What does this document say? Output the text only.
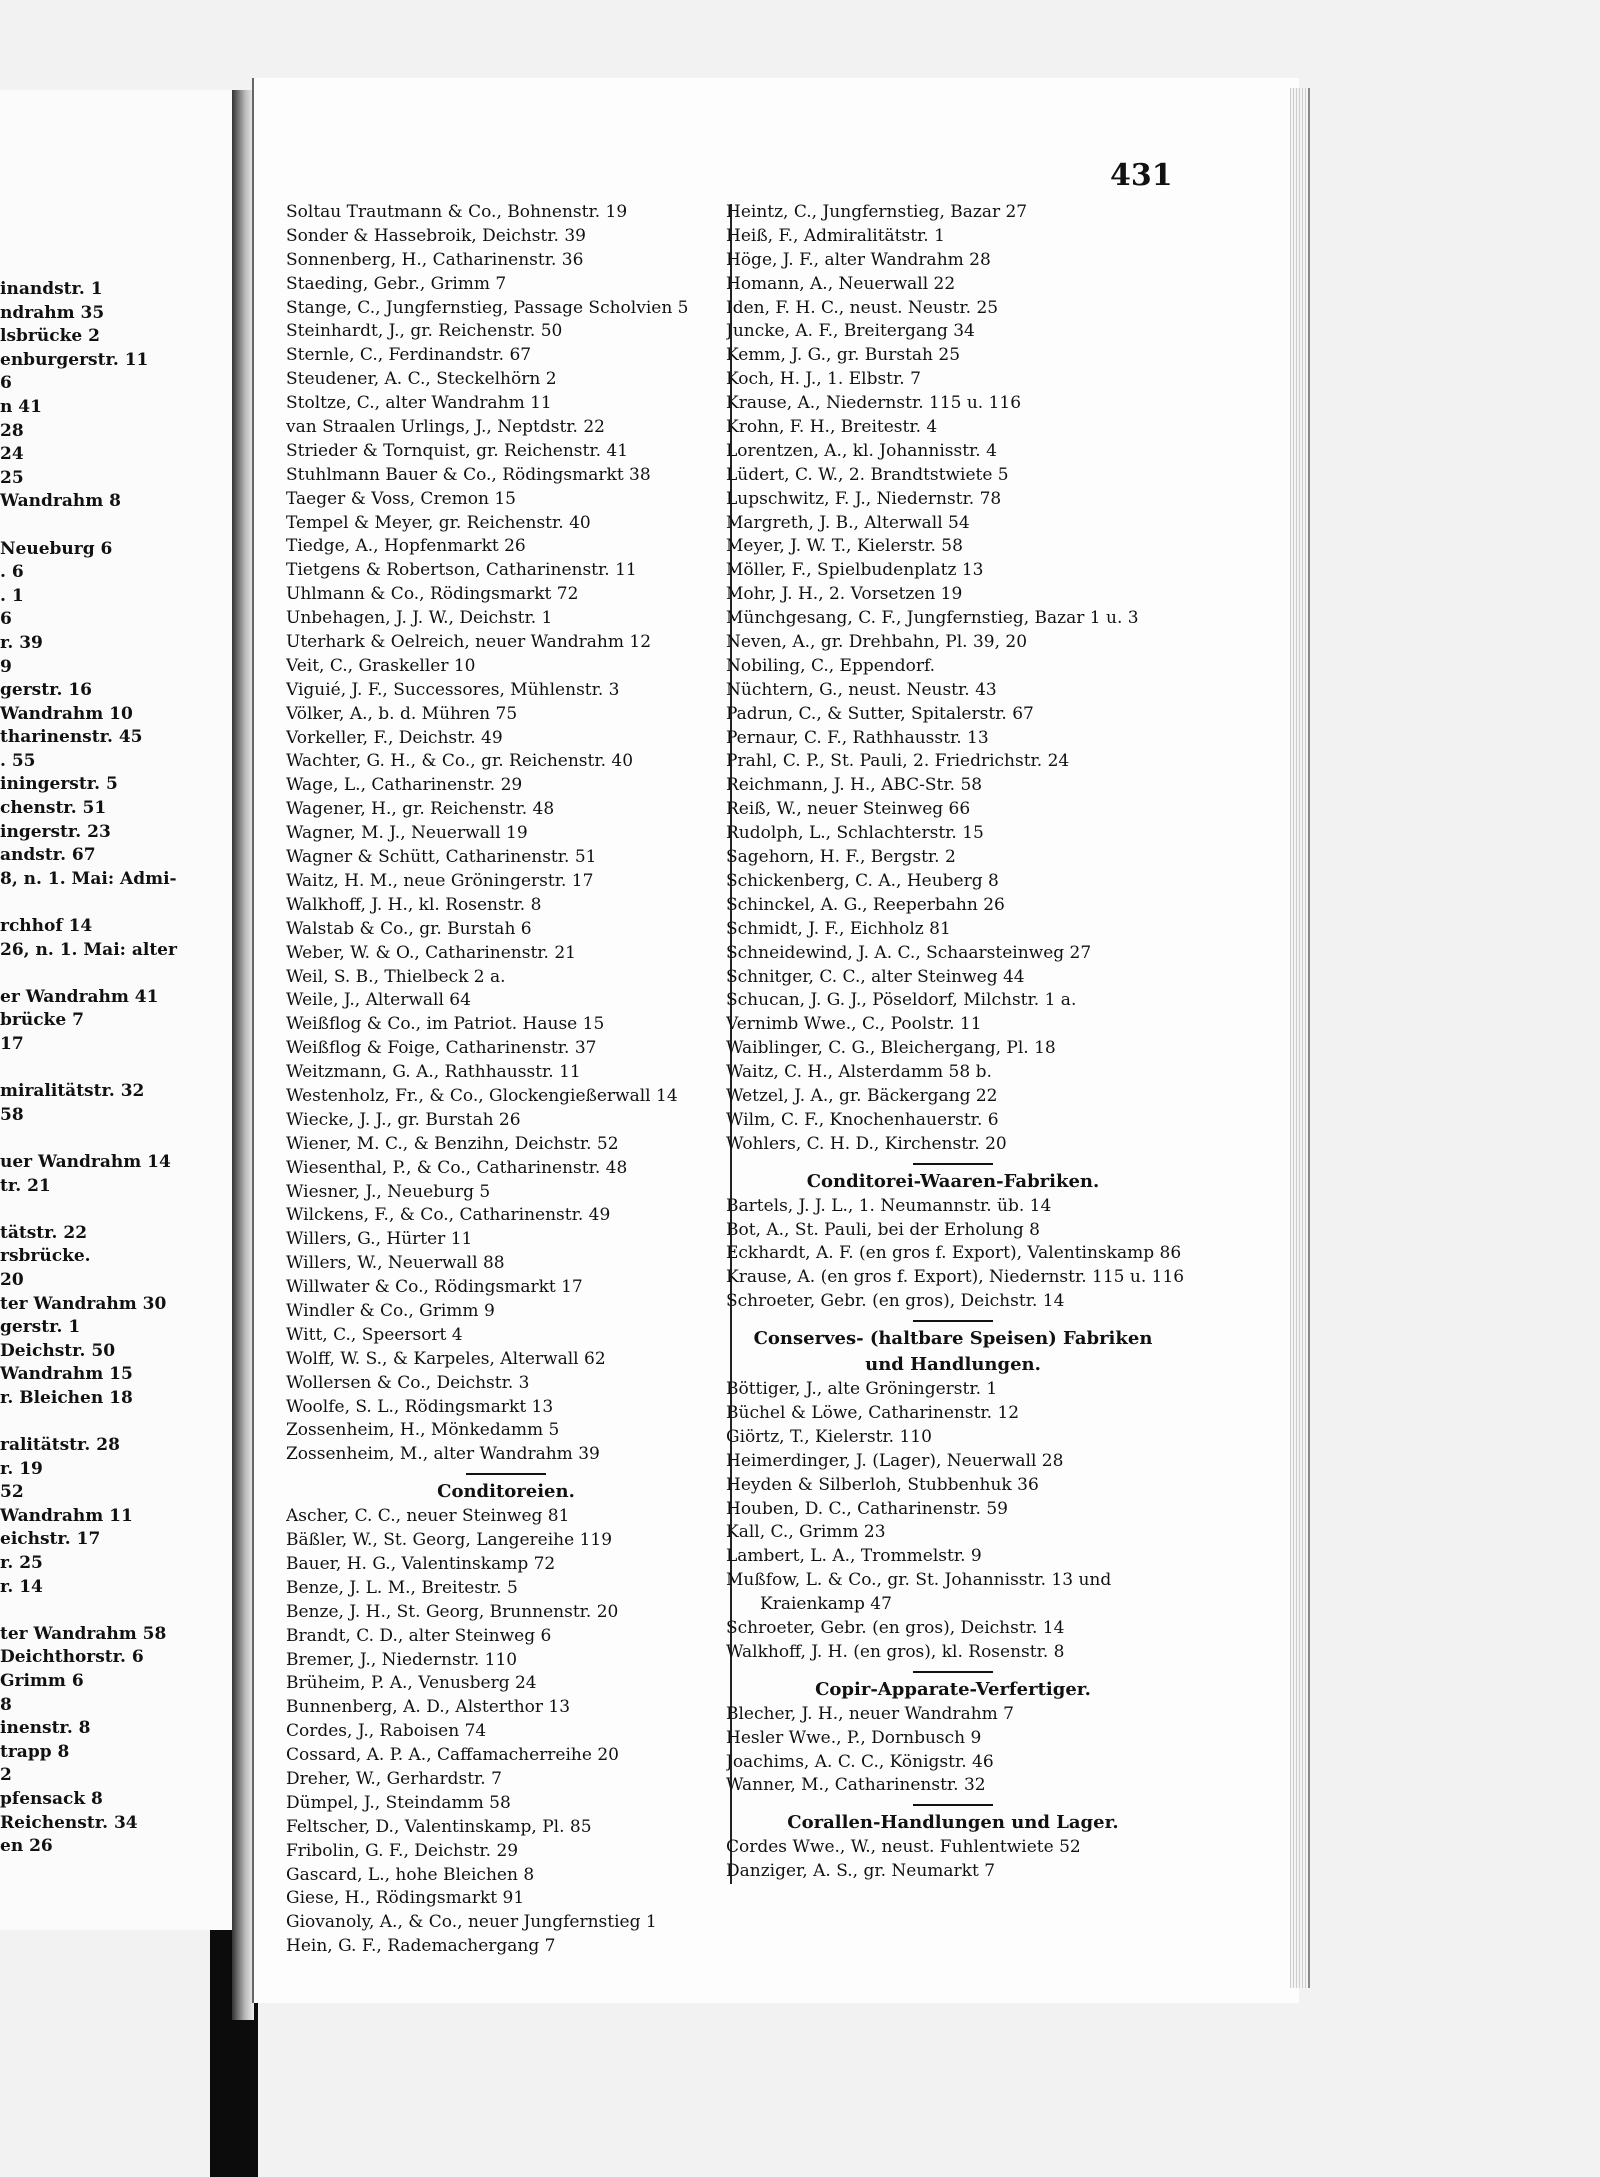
inandstr. 1
ndrahm 35
lsbrücke 2
enburgerstr. 11
6
n 41
28
24
25
Wandrahm 8
Neueburg 6
. 6
. 1
6
r. 39
9
gerstr. 16
Wandrahm 10
tharinenstr. 45
. 55
iningerstr. 5
chenstr. 51
ingerstr. 23
andstr. 67
8, n. 1. Mai: Admi-
rchhof 14
26, n. 1. Mai: alter
er Wandrahm 41
brücke 7
17
miralitätstr. 32
58
uer Wandrahm 14
tr. 21
tätstr. 22
rsbrücke.
20
ter Wandrahm 30
gerstr. 1
Deichstr. 50
Wandrahm 15
r. Bleichen 18
ralitätstr. 28
r. 19
52
Wandrahm 11
eichstr. 17
r. 25
r. 14
ter Wandrahm 58
Deichthorstr. 6
Grimm 6
8
inenstr. 8
trapp 8
2
pfensack 8
Reichenstr. 34
en 26
431
Soltau Trautmann & Co., Bohnenstr. 19
Sonder & Hassebroik, Deichstr. 39
Sonnenberg, H., Catharinenstr. 36
Staeding, Gebr., Grimm 7
Stange, C., Jungfernstieg, Passage Scholvien 5
Steinhardt, J., gr. Reichenstr. 50
Sternle, C., Ferdinandstr. 67
Steudener, A. C., Steckelhörn 2
Stoltze, C., alter Wandrahm 11
van Straalen Urlings, J., Neptdstr. 22
Strieder & Tornquist, gr. Reichenstr. 41
Stuhlmann Bauer & Co., Rödingsmarkt 38
Taeger & Voss, Cremon 15
Tempel & Meyer, gr. Reichenstr. 40
Tiedge, A., Hopfenmarkt 26
Tietgens & Robertson, Catharinenstr. 11
Uhlmann & Co., Rödingsmarkt 72
Unbehagen, J. J. W., Deichstr. 1
Uterhark & Oelreich, neuer Wandrahm 12
Veit, C., Graskeller 10
Viguié, J. F., Successores, Mühlenstr. 3
Völker, A., b. d. Mühren 75
Vorkeller, F., Deichstr. 49
Wachter, G. H., & Co., gr. Reichenstr. 40
Wage, L., Catharinenstr. 29
Wagener, H., gr. Reichenstr. 48
Wagner, M. J., Neuerwall 19
Wagner & Schütt, Catharinenstr. 51
Waitz, H. M., neue Gröningerstr. 17
Walkhoff, J. H., kl. Rosenstr. 8
Walstab & Co., gr. Burstah 6
Weber, W. & O., Catharinenstr. 21
Weil, S. B., Thielbeck 2 a.
Weile, J., Alterwall 64
Weißflog & Co., im Patriot. Hause 15
Weißflog & Foige, Catharinenstr. 37
Weitzmann, G. A., Rathhausstr. 11
Westenholz, Fr., & Co., Glockengießerwall 14
Wiecke, J. J., gr. Burstah 26
Wiener, M. C., & Benzihn, Deichstr. 52
Wiesenthal, P., & Co., Catharinenstr. 48
Wiesner, J., Neueburg 5
Wilckens, F., & Co., Catharinenstr. 49
Willers, G., Hürter 11
Willers, W., Neuerwall 88
Willwater & Co., Rödingsmarkt 17
Windler & Co., Grimm 9
Witt, C., Speersort 4
Wolff, W. S., & Karpeles, Alterwall 62
Wollersen & Co., Deichstr. 3
Woolfe, S. L., Rödingsmarkt 13
Zossenheim, H., Mönkedamm 5
Zossenheim, M., alter Wandrahm 39
Conditoreien.
Ascher, C. C., neuer Steinweg 81
Bäßler, W., St. Georg, Langereihe 119
Bauer, H. G., Valentinskamp 72
Benze, J. L. M., Breitestr. 5
Benze, J. H., St. Georg, Brunnenstr. 20
Brandt, C. D., alter Steinweg 6
Bremer, J., Niedernstr. 110
Brüheim, P. A., Venusberg 24
Bunnenberg, A. D., Alsterthor 13
Cordes, J., Raboisen 74
Cossard, A. P. A., Caffamacherreihe 20
Dreher, W., Gerhardstr. 7
Dümpel, J., Steindamm 58
Feltscher, D., Valentinskamp, Pl. 85
Fribolin, G. F., Deichstr. 29
Gascard, L., hohe Bleichen 8
Giese, H., Rödingsmarkt 91
Giovanoly, A., & Co., neuer Jungfernstieg 1
Hein, G. F., Rademachergang 7
Heintz, C., Jungfernstieg, Bazar 27
Heiß, F., Admiralitätstr. 1
Höge, J. F., alter Wandrahm 28
Homann, A., Neuerwall 22
Iden, F. H. C., neust. Neustr. 25
Juncke, A. F., Breitergang 34
Kemm, J. G., gr. Burstah 25
Koch, H. J., 1. Elbstr. 7
Krause, A., Niedernstr. 115 u. 116
Krohn, F. H., Breitestr. 4
Lorentzen, A., kl. Johannisstr. 4
Lüdert, C. W., 2. Brandtstwiete 5
Lupschwitz, F. J., Niedernstr. 78
Margreth, J. B., Alterwall 54
Meyer, J. W. T., Kielerstr. 58
Möller, F., Spielbudenplatz 13
Mohr, J. H., 2. Vorsetzen 19
Münchgesang, C. F., Jungfernstieg, Bazar 1 u. 3
Neven, A., gr. Drehbahn, Pl. 39, 20
Nobiling, C., Eppendorf.
Nüchtern, G., neust. Neustr. 43
Padrun, C., & Sutter, Spitalerstr. 67
Pernaur, C. F., Rathhausstr. 13
Prahl, C. P., St. Pauli, 2. Friedrichstr. 24
Reichmann, J. H., ABC-Str. 58
Reiß, W., neuer Steinweg 66
Rudolph, L., Schlachterstr. 15
Sagehorn, H. F., Bergstr. 2
Schickenberg, C. A., Heuberg 8
Schinckel, A. G., Reeperbahn 26
Schmidt, J. F., Eichholz 81
Schneidewind, J. A. C., Schaarsteinweg 27
Schnitger, C. C., alter Steinweg 44
Schucan, J. G. J., Pöseldorf, Milchstr. 1 a.
Vernimb Wwe., C., Poolstr. 11
Waiblinger, C. G., Bleichergang, Pl. 18
Waitz, C. H., Alsterdamm 58 b.
Wetzel, J. A., gr. Bäckergang 22
Wilm, C. F., Knochenhauerstr. 6
Wohlers, C. H. D., Kirchenstr. 20
Conditorei-Waaren-Fabriken.
Bartels, J. J. L., 1. Neumannstr. üb. 14
Bot, A., St. Pauli, bei der Erholung 8
Eckhardt, A. F. (en gros f. Export), Valentinskamp 86
Krause, A. (en gros f. Export), Niedernstr. 115 u. 116
Schroeter, Gebr. (en gros), Deichstr. 14
Conserves- (haltbare Speisen) Fabriken
und Handlungen.
Böttiger, J., alte Gröningerstr. 1
Büchel & Löwe, Catharinenstr. 12
Giörtz, T., Kielerstr. 110
Heimerdinger, J. (Lager), Neuerwall 28
Heyden & Silberloh, Stubbenhuk 36
Houben, D. C., Catharinenstr. 59
Kall, C., Grimm 23
Lambert, L. A., Trommelstr. 9
Mußfow, L. & Co., gr. St. Johannisstr. 13 und
Kraienkamp 47
Schroeter, Gebr. (en gros), Deichstr. 14
Walkhoff, J. H. (en gros), kl. Rosenstr. 8
Copir-Apparate-Verfertiger.
Blecher, J. H., neuer Wandrahm 7
Hesler Wwe., P., Dornbusch 9
Joachims, A. C. C., Königstr. 46
Wanner, M., Catharinenstr. 32
Corallen-Handlungen und Lager.
Cordes Wwe., W., neust. Fuhlentwiete 52
Danziger, A. S., gr. Neumarkt 7
